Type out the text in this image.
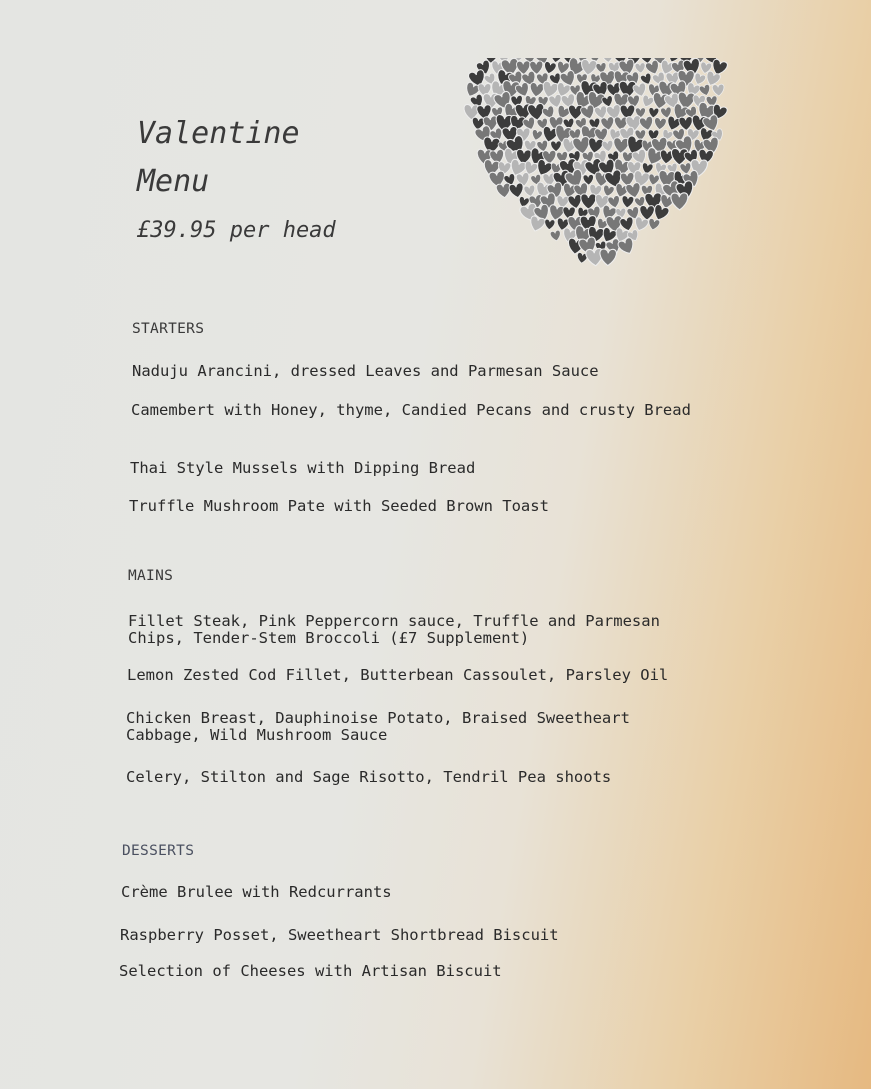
Valentine
Menu

£39.95 per head

STARTERS
Naduju Arancini, dressed Leaves and Parmesan Sauce
Camembert with Honey, thyme, Candied Pecans and crusty Bread
Thai Style Mussels with Dipping Bread
Truffle Mushroom Pate with Seeded Brown Toast
MAINS
Fillet Steak, Pink Peppercorn sauce, Truffle and Parmesan Chips, Tender-Stem Broccoli (£7 Supplement)
Lemon Zested Cod Fillet, Butterbean Cassoulet, Parsley Oil
Chicken Breast, Dauphinoise Potato, Braised Sweetheart Cabbage, Wild Mushroom Sauce
Celery, Stilton and Sage Risotto, Tendril Pea shoots
DESSERTS
Crème Brulee with Redcurrants
Raspberry Posset, Sweetheart Shortbread Biscuit
Selection of Cheeses with Artisan Biscuit
